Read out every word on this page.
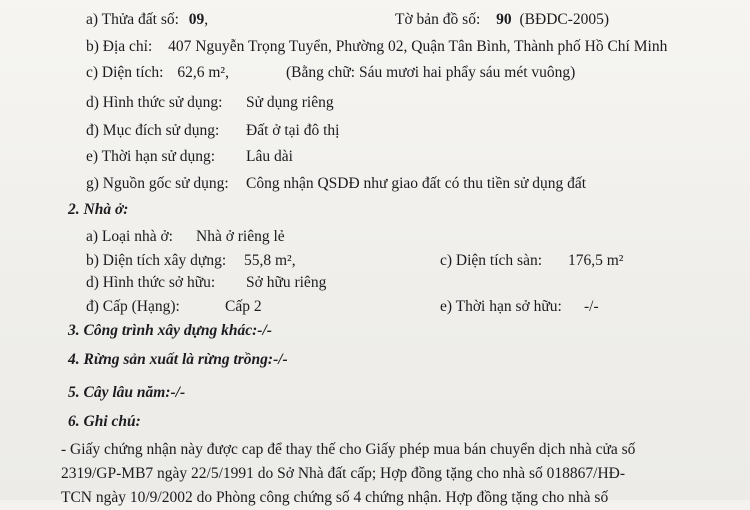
a) Thửa đất số: 09,	Tờ bản đồ số: 90 (BĐDC-2005)
b) Địa chỉ: 407 Nguyễn Trọng Tuyển, Phường 02, Quận Tân Bình, Thành phố Hồ Chí Minh
c) Diện tích: 62,6 m²,	(Bằng chữ: Sáu mươi hai phẩy sáu mét vuông)
d) Hình thức sử dụng: Sử dụng riêng
đ) Mục đích sử dụng: Đất ở tại đô thị
e) Thời hạn sử dụng: Lâu dài
g) Nguồn gốc sử dụng: Công nhận QSDĐ như giao đất có thu tiền sử dụng đất
2. Nhà ở:
a) Loại nhà ở: Nhà ở riêng lẻ
b) Diện tích xây dựng: 55,8 m²,	c) Diện tích sàn: 176,5 m²
d) Hình thức sở hữu: Sở hữu riêng
đ) Cấp (Hạng):	Cấp 2	e) Thời hạn sở hữu: -/-
3. Công trình xây dựng khác:-/-
4. Rừng sản xuất là rừng trồng:-/-
5. Cây lâu năm:-/-
6. Ghi chú:
- Giấy chứng nhận này được cap để thay thế cho Giấy phép mua bán chuyển dịch nhà cửa số
2319/GP-MB7 ngày 22/5/1991 do Sở Nhà đất cấp; Hợp đồng tặng cho nhà số 018867/HĐ-
TCN ngày 10/9/2002 do Phòng công chứng số 4 chứng nhận. Hợp đồng tặng cho nhà số
